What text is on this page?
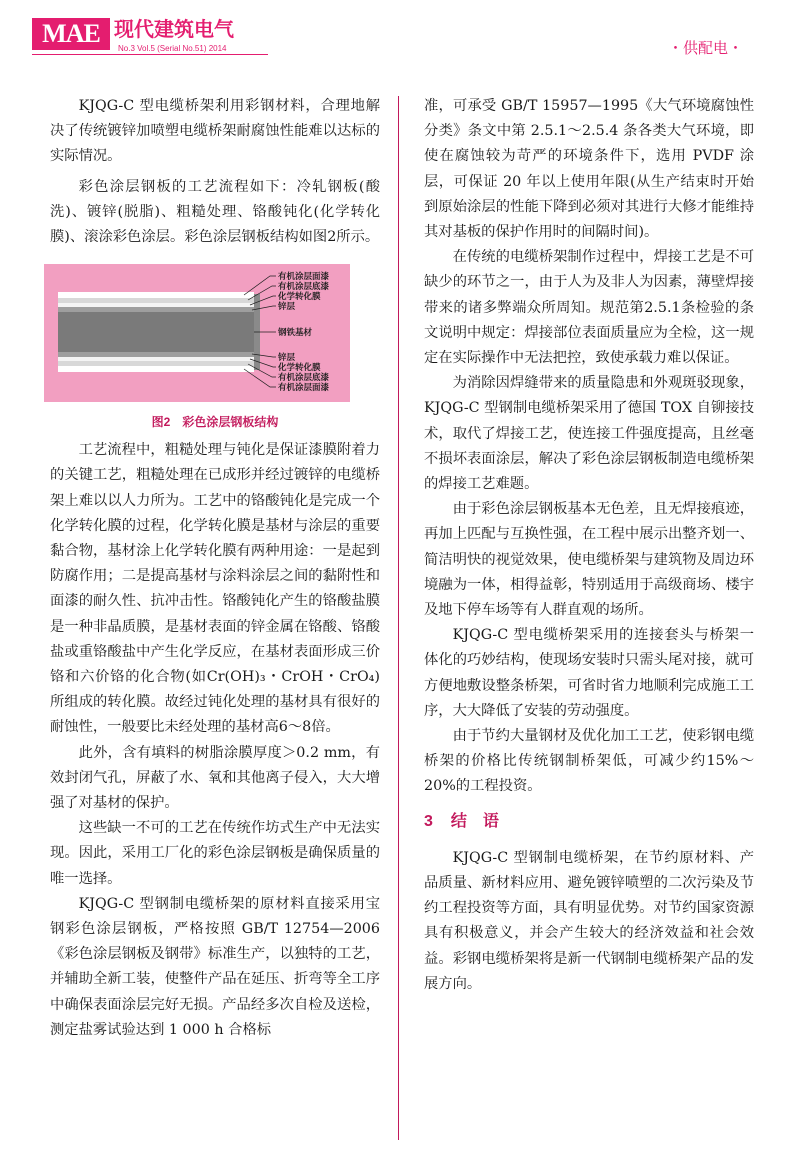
MAE 现代建筑电气
No.3 Vol.5 (Serial No.51) 2014	・供配电・

KJQG-C 型电缆桥架利用彩钢材料，合理地解决了传统镀锌加喷塑电缆桥架耐腐蚀性能难以达标的实际情况。

彩色涂层钢板的工艺流程如下：冷轧钢板(酸洗)、镀锌(脱脂)、粗糙处理、铬酸钝化(化学转化膜)、滚涂彩色涂层。彩色涂层钢板结构如图2所示。

有机涂层面漆
有机涂层底漆
化学转化膜
锌层
钢铁基材
锌层
化学转化膜
有机涂层底漆
有机涂层面漆
图2　彩色涂层钢板结构

工艺流程中，粗糙处理与钝化是保证漆膜附着力的关键工艺，粗糙处理在已成形并经过镀锌的电缆桥架上难以以人力所为。工艺中的铬酸钝化是完成一个化学转化膜的过程，化学转化膜是基材与涂层的重要黏合物，基材涂上化学转化膜有两种用途：一是起到防腐作用；二是提高基材与涂料涂层之间的黏附性和面漆的耐久性、抗冲击性。铬酸钝化产生的铬酸盐膜是一种非晶质膜，是基材表面的锌金属在铬酸、铬酸盐或重铬酸盐中产生化学反应，在基材表面形成三价铬和六价铬的化合物(如Cr(OH)₃・CrOH・CrO₄)所组成的转化膜。故经过钝化处理的基材具有很好的耐蚀性，一般要比未经处理的基材高6～8倍。

此外，含有填料的树脂涂膜厚度＞0.2 mm，有效封闭气孔，屏蔽了水、氧和其他离子侵入，大大增强了对基材的保护。

这些缺一不可的工艺在传统作坊式生产中无法实现。因此，采用工厂化的彩色涂层钢板是确保质量的唯一选择。

KJQG-C 型钢制电缆桥架的原材料直接采用宝钢彩色涂层钢板，严格按照 GB/T 12754—2006《彩色涂层钢板及钢带》标准生产，以独特的工艺，并辅助全新工装，使整件产品在延压、折弯等全工序中确保表面涂层完好无损。产品经多次自检及送检，测定盐雾试验达到 1 000 h 合格标

准，可承受 GB/T 15957—1995《大气环境腐蚀性分类》条文中第 2.5.1～2.5.4 条各类大气环境，即使在腐蚀较为苛严的环境条件下，选用 PVDF 涂层，可保证 20 年以上使用年限(从生产结束时开始到原始涂层的性能下降到必须对其进行大修才能维持其对基板的保护作用时的间隔时间)。

在传统的电缆桥架制作过程中，焊接工艺是不可缺少的环节之一，由于人为及非人为因素，薄壁焊接带来的诸多弊端众所周知。规范第2.5.1条检验的条文说明中规定：焊接部位表面质量应为全检，这一规定在实际操作中无法把控，致使承载力难以保证。

为消除因焊缝带来的质量隐患和外观斑驳现象，KJQG-C 型钢制电缆桥架采用了德国 TOX 自铆接技术，取代了焊接工艺，使连接工件强度提高，且丝毫不损坏表面涂层，解决了彩色涂层钢板制造电缆桥架的焊接工艺难题。

由于彩色涂层钢板基本无色差，且无焊接痕迹，再加上匹配与互换性强，在工程中展示出整齐划一、简洁明快的视觉效果，使电缆桥架与建筑物及周边环境融为一体，相得益彰，特别适用于高级商场、楼宇及地下停车场等有人群直观的场所。

KJQG-C 型电缆桥架采用的连接套头与桥架一体化的巧妙结构，使现场安装时只需头尾对接，就可方便地敷设整条桥架，可省时省力地顺利完成施工工序，大大降低了安装的劳动强度。

由于节约大量钢材及优化加工工艺，使彩钢电缆桥架的价格比传统钢制桥架低，可减少约15%～20%的工程投资。

3 结　语

KJQG-C 型钢制电缆桥架，在节约原材料、产品质量、新材料应用、避免镀锌喷塑的二次污染及节约工程投资等方面，具有明显优势。对节约国家资源具有积极意义，并会产生较大的经济效益和社会效益。彩钢电缆桥架将是新一代钢制电缆桥架产品的发展方向。
